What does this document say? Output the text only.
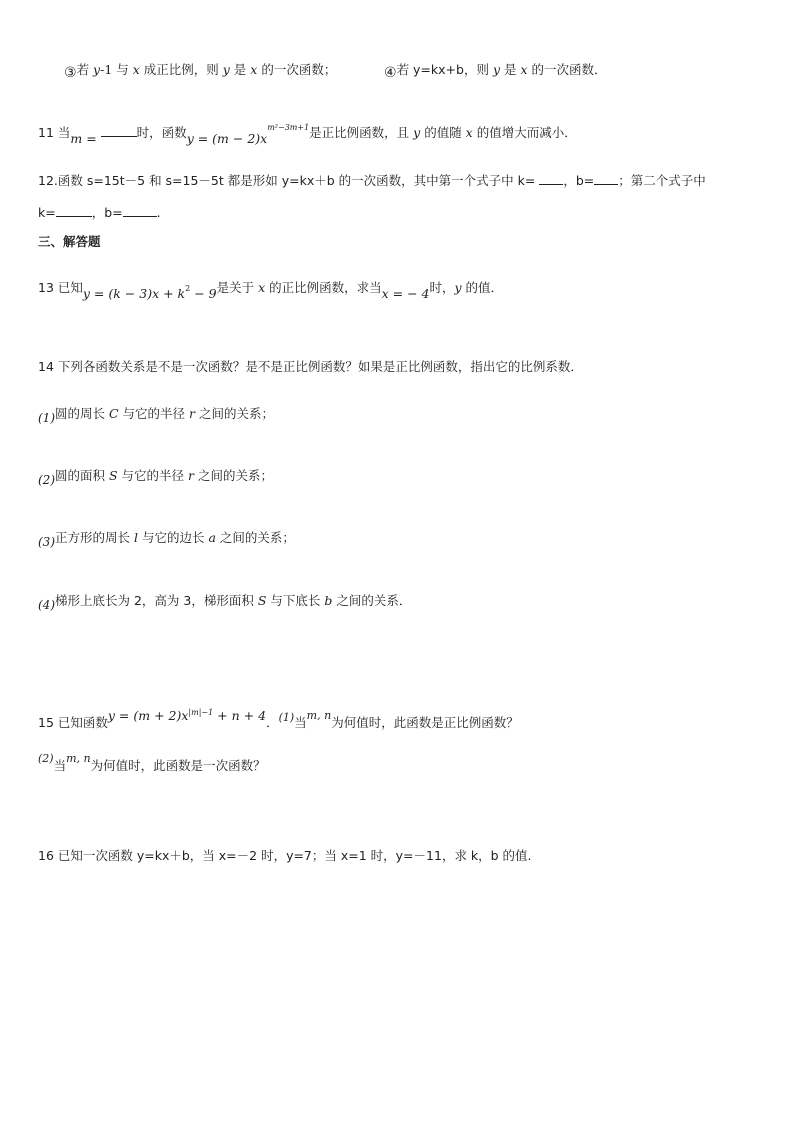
③若 y-1 与 x 成正比例，则 y 是 x 的一次函数；	④若 y=kx+b，则 y 是 x 的一次函数．
11 当m =	时，函数$y = (m - 2)x^{m^2-3m+1}$是正比例函数，且 y 的值随 x 的值增大而减小．
12.函数 s=15t－5 和 s=15－5t 都是形如 y=kx＋b 的一次函数，其中第一个式子中 k= ，b= ；第二个式子中
k=	，b=	.
三、解答题
13 已知y = (k − 3)x + k2 − 9是关于 x 的正比例函数，求当x = − 4时，y 的值．
14 下列各函数关系是不是一次函数？是不是正比例函数？如果是正比例函数，指出它的比例系数．
(1)圆的周长 C 与它的半径 r 之间的关系；
(2)圆的面积 S 与它的半径 r 之间的关系；
(3)正方形的周长 l 与它的边长 a 之间的关系；
(4)梯形上底长为 2，高为 3，梯形面积 S 与下底长 b 之间的关系．
15 已知函数$y = (m + 2)x^{|m|-1} + n + 4$．(1)当m, n为何值时，此函数是正比例函数？
(2)当m, n为何值时，此函数是一次函数？
16 已知一次函数 y=kx＋b，当 x=－2 时，y=7；当 x=1 时，y=－11，求 k，b 的值.
